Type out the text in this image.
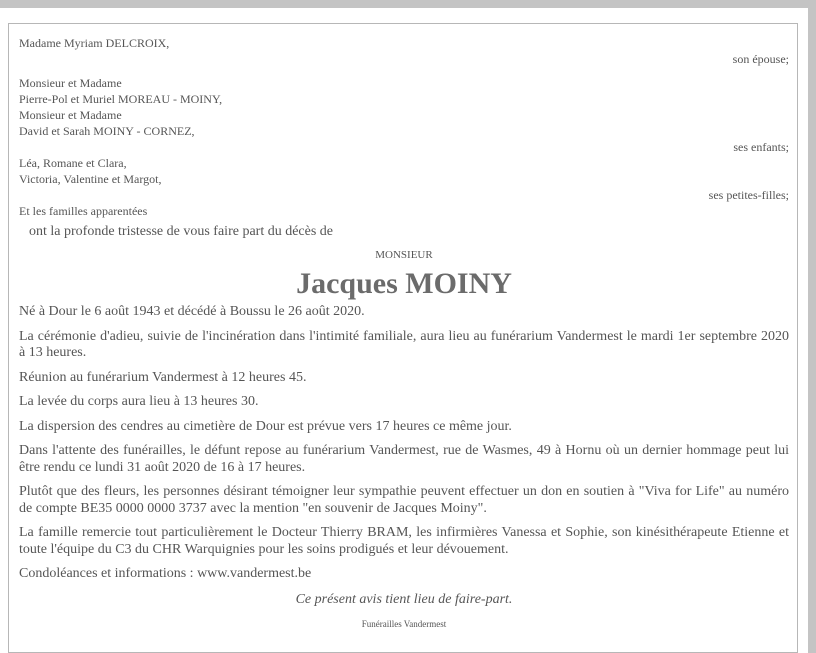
Madame Myriam DELCROIX,
son épouse;
Monsieur et Madame
Pierre-Pol et Muriel MOREAU - MOINY,
Monsieur et Madame
David et Sarah MOINY - CORNEZ,
ses enfants;
Léa, Romane et Clara,
Victoria, Valentine et Margot,
ses petites-filles;
Et les familles apparentées
ont la profonde tristesse de vous faire part du décès de
MONSIEUR
Jacques MOINY

Né à Dour le 6 août 1943 et décédé à Boussu le 26 août 2020.

La cérémonie d'adieu, suivie de l'incinération dans l'intimité familiale, aura lieu au funérarium Vandermest le mardi 1er septembre 2020 à 13 heures.

Réunion au funérarium Vandermest à 12 heures 45.

La levée du corps aura lieu à 13 heures 30.

La dispersion des cendres au cimetière de Dour est prévue vers 17 heures ce même jour.

Dans l'attente des funérailles, le défunt repose au funérarium Vandermest, rue de Wasmes, 49 à Hornu où un dernier hommage peut lui être rendu ce lundi 31 août 2020 de 16 à 17 heures.

Plutôt que des fleurs, les personnes désirant témoigner leur sympathie peuvent effectuer un don en soutien à "Viva for Life" au numéro de compte BE35 0000 0000 3737 avec la mention "en souvenir de Jacques Moiny".

La famille remercie tout particulièrement le Docteur Thierry BRAM, les infirmières Vanessa et Sophie, son kinésithérapeute Etienne et toute l'équipe du C3 du CHR Warquignies pour les soins prodigués et leur dévouement.

Condoléances et informations : www.vandermest.be

Ce présent avis tient lieu de faire-part.
Funérailles Vandermest
